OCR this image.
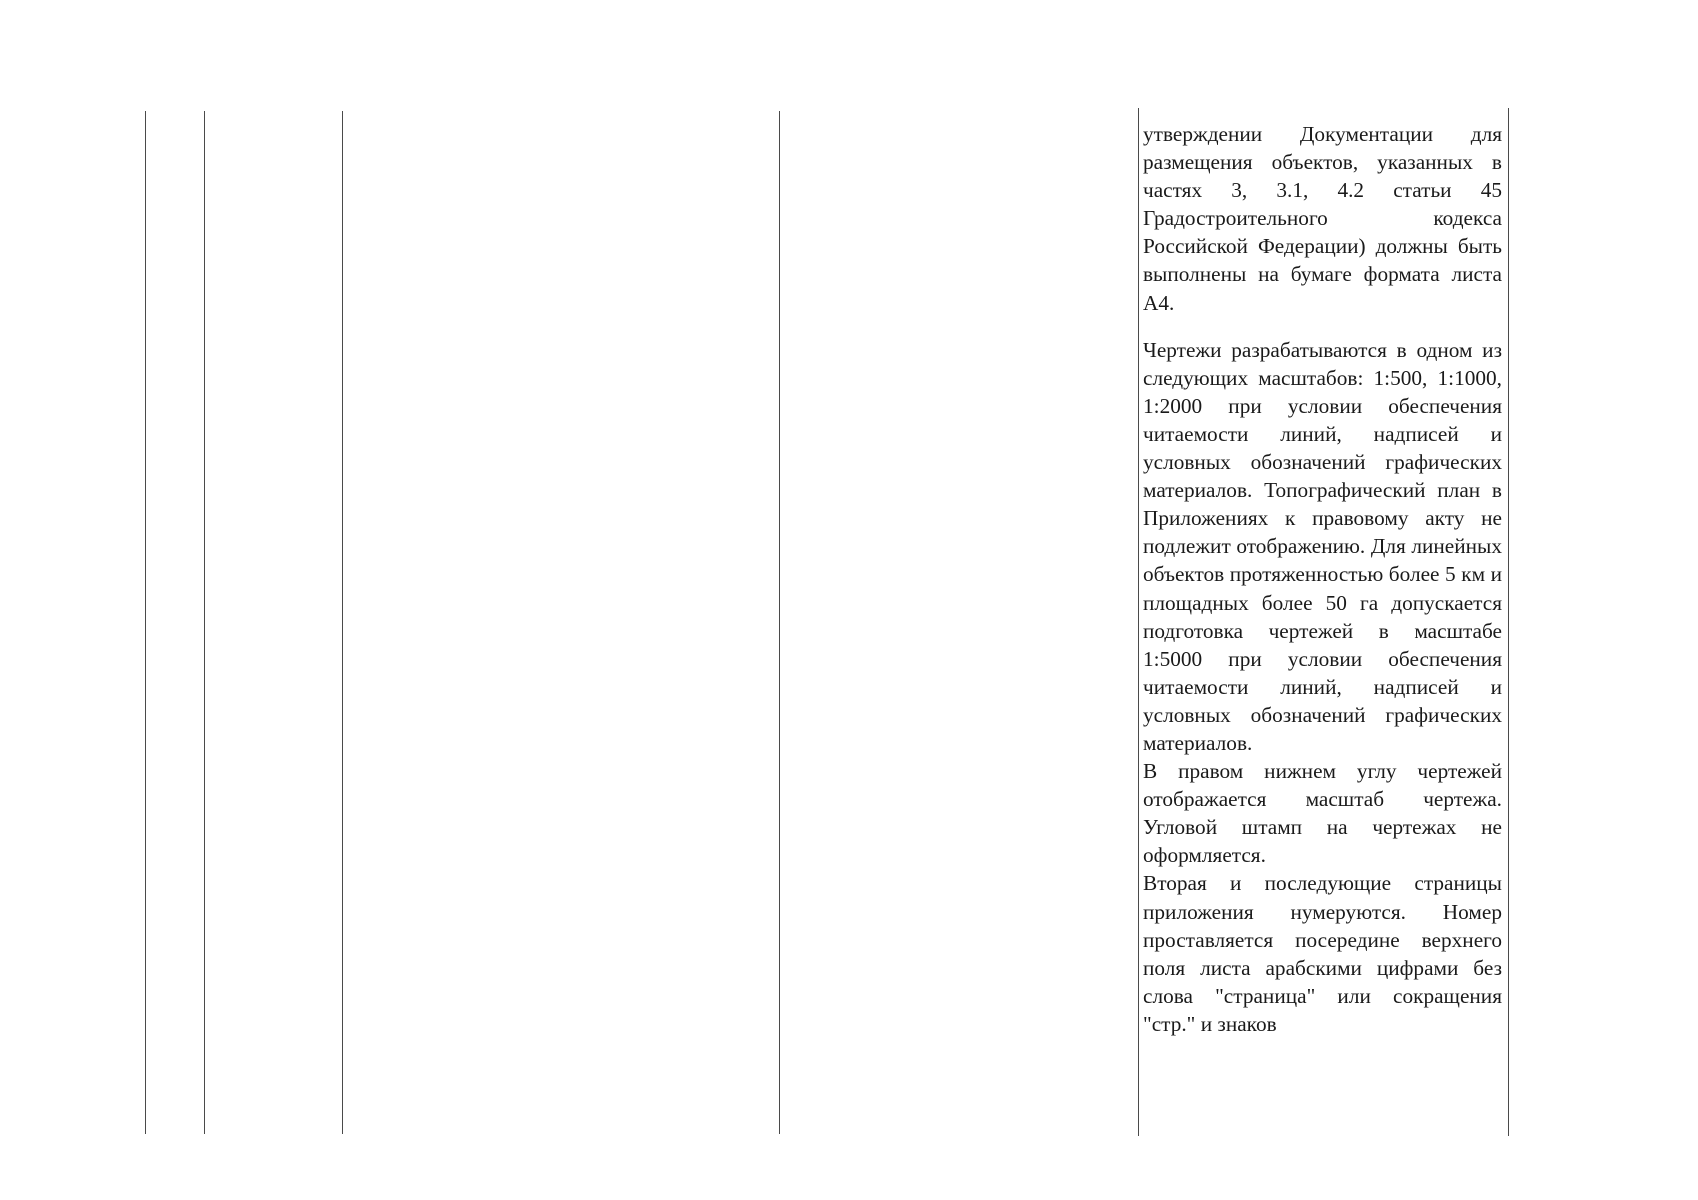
утверждении Документации для размещения объектов, указанных в частях 3, 3.1, 4.2 статьи 45 Градостроительного кодекса Российской Федерации) должны быть выполнены на бумаге формата листа А4.

Чертежи разрабатываются в одном из следующих масштабов: 1:500, 1:1000, 1:2000 при условии обеспечения читаемости линий, надписей и условных обозначений графических материалов. Топографический план в Приложениях к правовому акту не подлежит отображению. Для линейных объектов протяженностью более 5 км и площадных более 50 га допускается подготовка чертежей в масштабе 1:5000 при условии обеспечения читаемости линий, надписей и условных обозначений графических материалов.

В правом нижнем углу чертежей отображается масштаб чертежа. Угловой штамп на чертежах не оформляется.

Вторая и последующие страницы приложения нумеруются. Номер проставляется посередине верхнего поля листа арабскими цифрами без слова "страница" или сокращения "стр." и знаков
